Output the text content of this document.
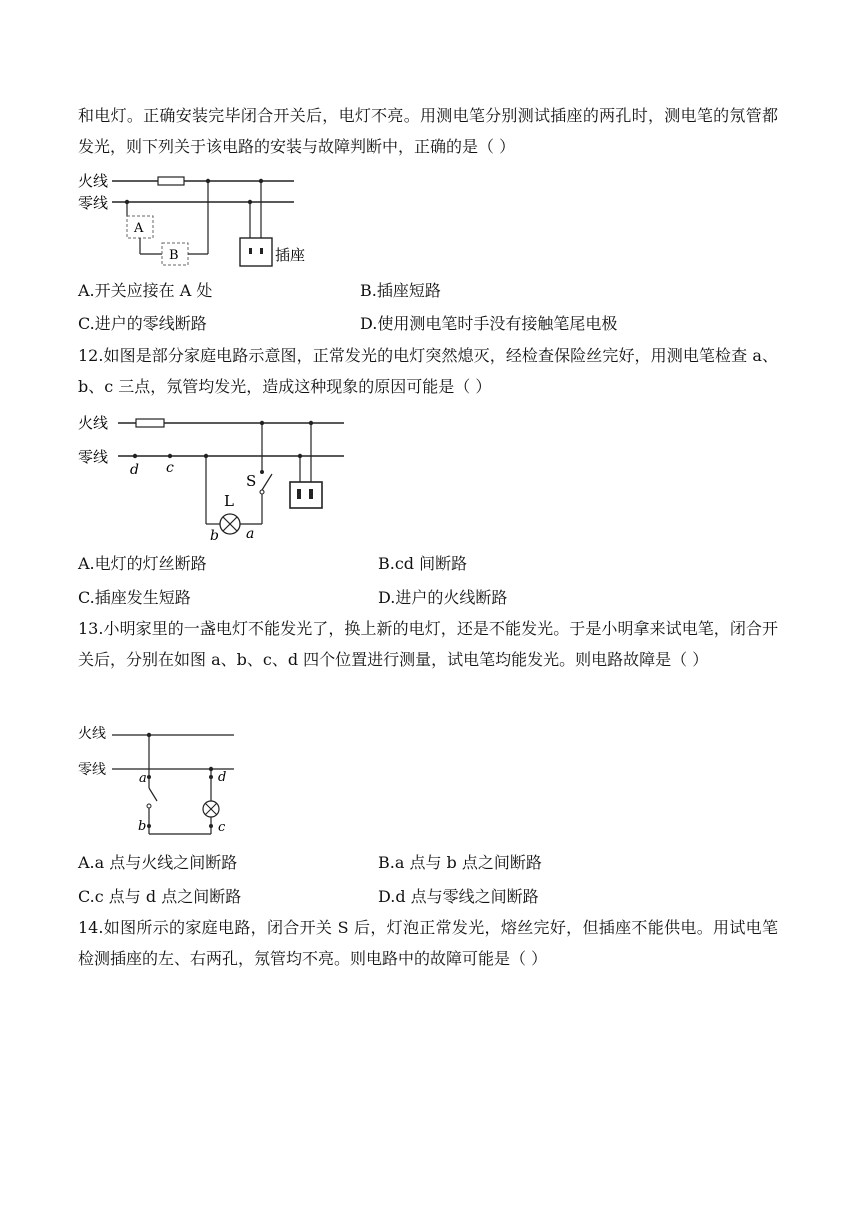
和电灯。正确安装完毕闭合开关后，电灯不亮。用测电笔分别测试插座的两孔时，测电笔的氖管都发光，则下列关于该电路的安装与故障判断中，正确的是（ ）

火线
零线
A
B	插座
A.开关应接在 A 处	B.插座短路
C.进户的零线断路	D.使用测电笔时手没有接触笔尾电极

12.如图是部分家庭电路示意图，正常发光的电灯突然熄灭，经检查保险丝完好，用测电笔检查 a、b、c 三点，氖管均发光，造成这种现象的原因可能是（ ）

火线
零线
d c
L
b a
S
A.电灯的灯丝断路	B.cd 间断路
C.插座发生短路	D.进户的火线断路

13.小明家里的一盏电灯不能发光了，换上新的电灯，还是不能发光。于是小明拿来试电笔，闭合开关后，分别在如图 a、b、c、d 四个位置进行测量，试电笔均能发光。则电路故障是（ ）

火线
零线
a
b
d
c
A.a 点与火线之间断路	B.a 点与 b 点之间断路
C.c 点与 d 点之间断路	D.d 点与零线之间断路

14.如图所示的家庭电路，闭合开关 S 后，灯泡正常发光，熔丝完好，但插座不能供电。用试电笔检测插座的左、右两孔，氖管均不亮。则电路中的故障可能是（ ）
